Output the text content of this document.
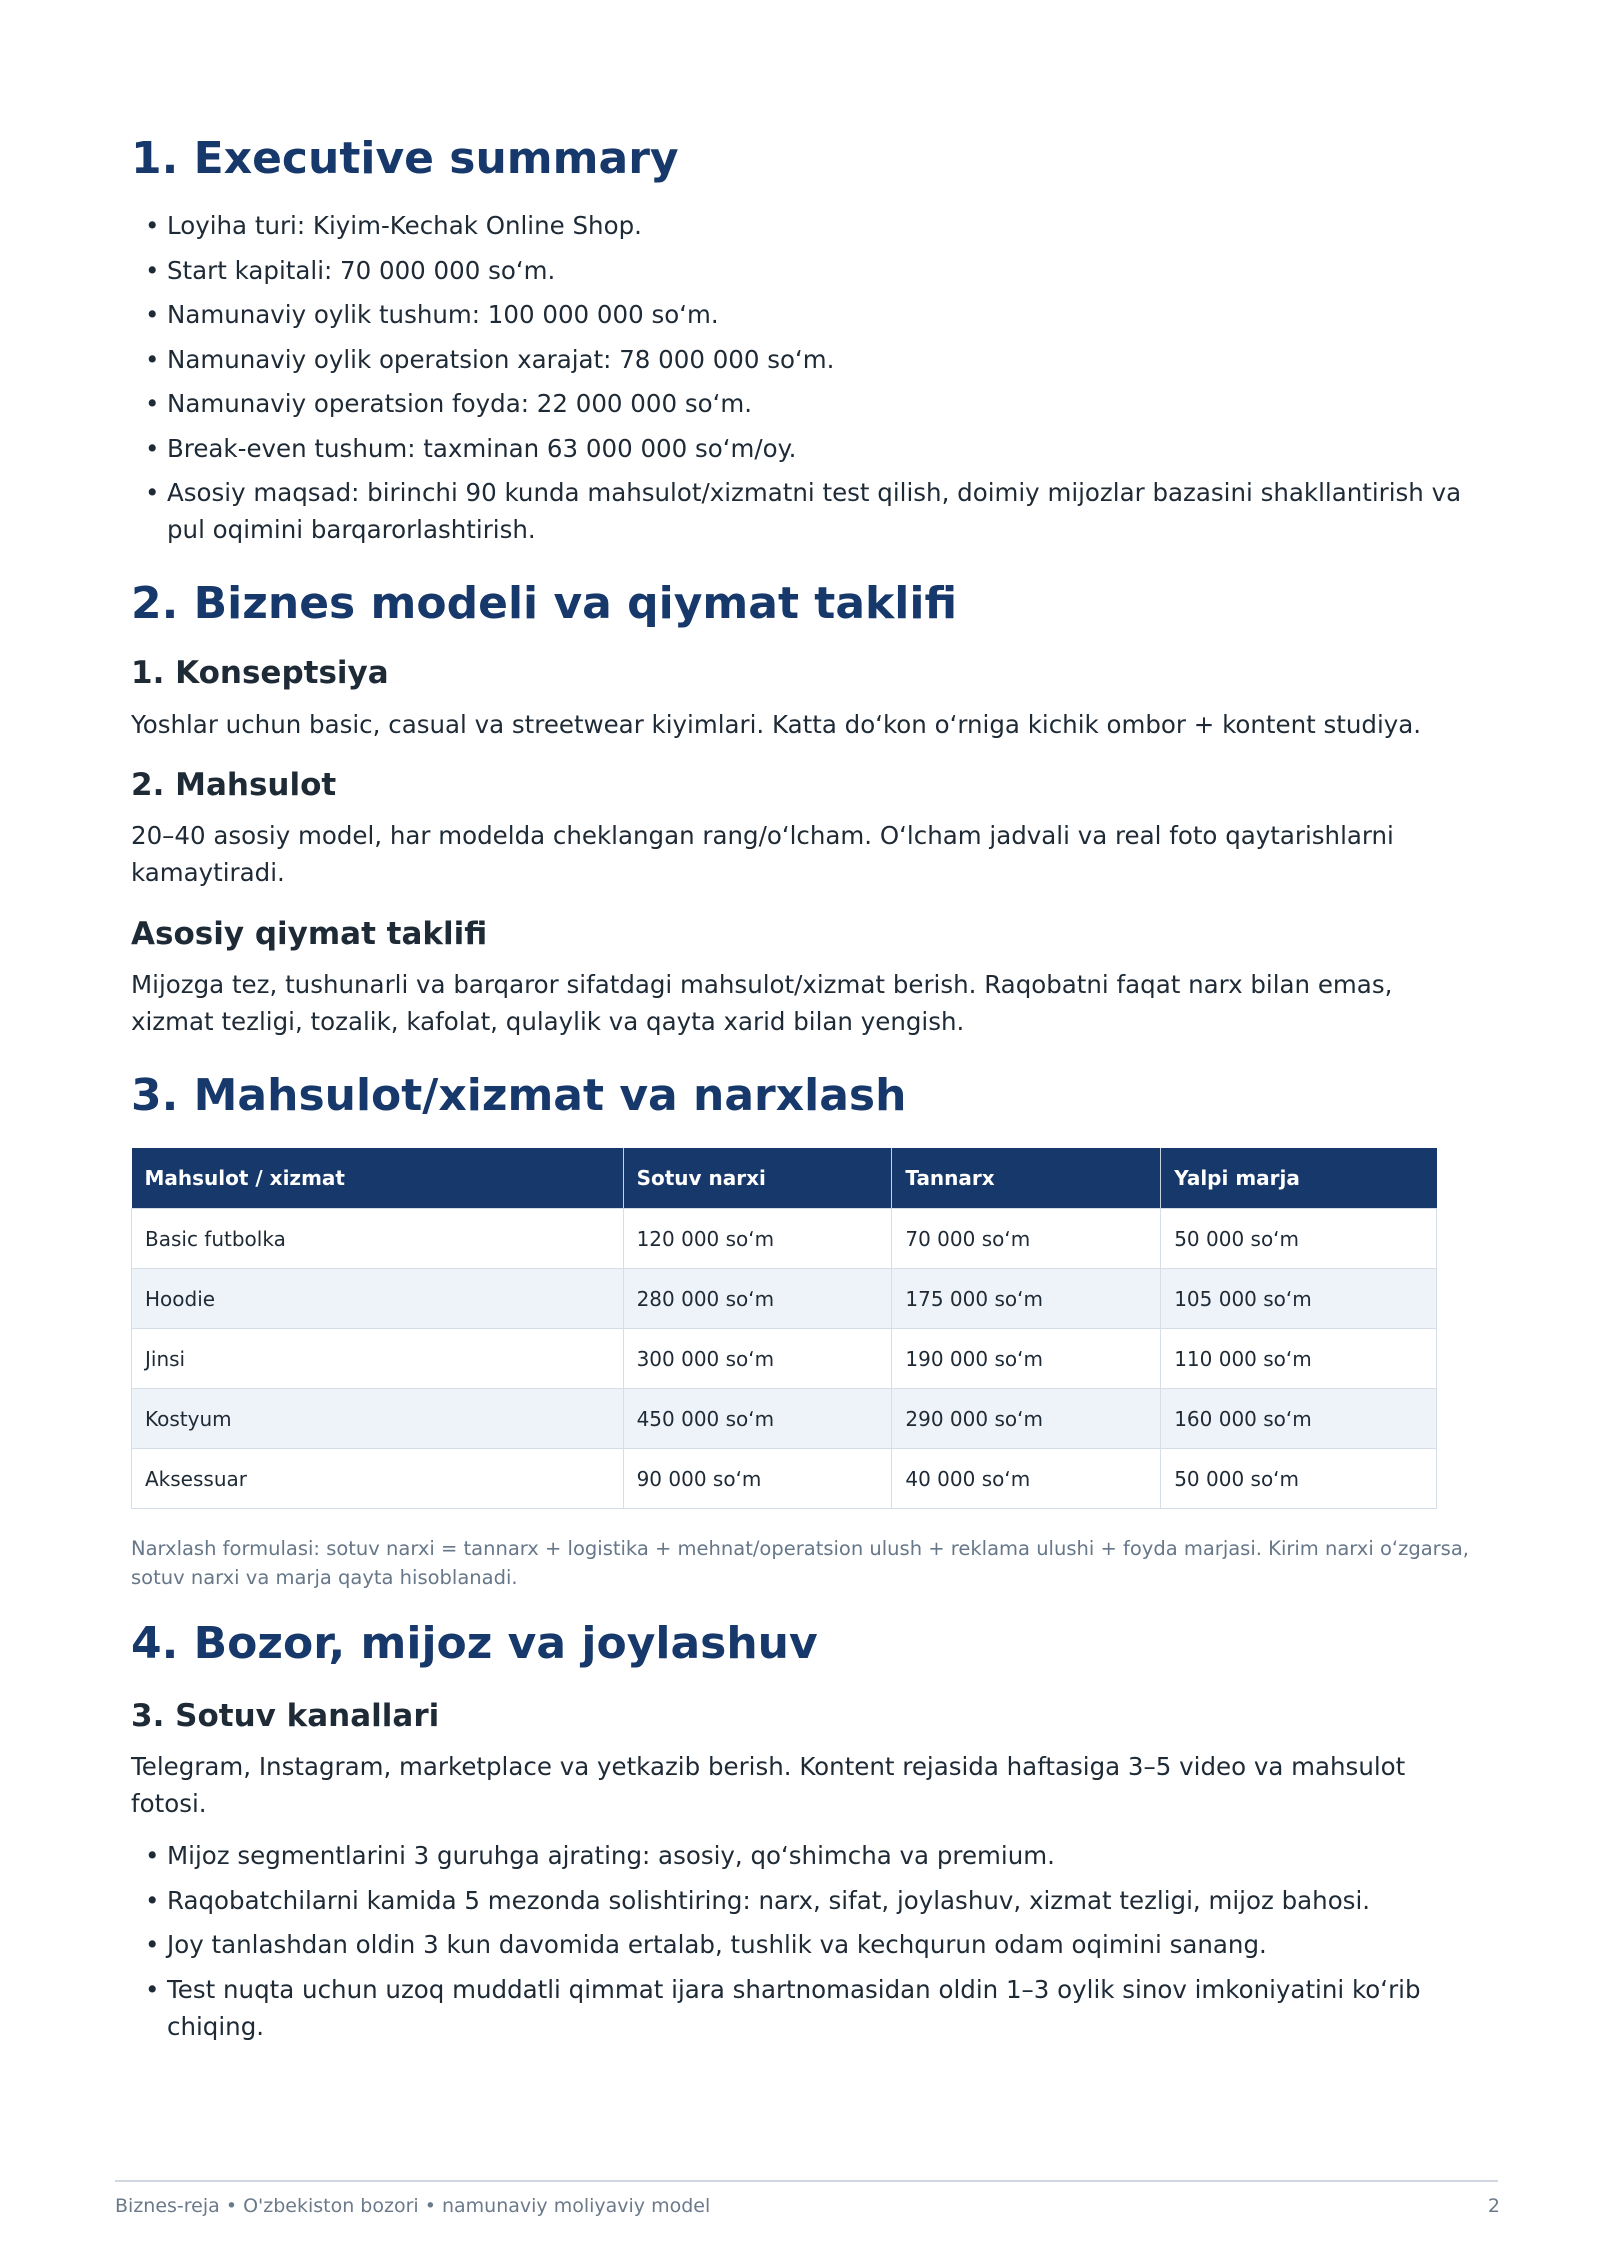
1. Executive summary
• Loyiha turi: Kiyim-Kechak Online Shop.
• Start kapitali: 70 000 000 so‘m.
• Namunaviy oylik tushum: 100 000 000 so‘m.
• Namunaviy oylik operatsion xarajat: 78 000 000 so‘m.
• Namunaviy operatsion foyda: 22 000 000 so‘m.
• Break-even tushum: taxminan 63 000 000 so‘m/oy.
• Asosiy maqsad: birinchi 90 kunda mahsulot/xizmatni test qilish, doimiy mijozlar bazasini shakllantirish va pul oqimini barqarorlashtirish.
2. Biznes modeli va qiymat taklifi
1. Konseptsiya

Yoshlar uchun basic, casual va streetwear kiyimlari. Katta do‘kon o‘rniga kichik ombor + kontent studiya.

2. Mahsulot

20–40 asosiy model, har modelda cheklangan rang/o‘lcham. O‘lcham jadvali va real foto qaytarishlarni kamaytiradi.

Asosiy qiymat taklifi

Mijozga tez, tushunarli va barqaror sifatdagi mahsulot/xizmat berish. Raqobatni faqat narx bilan emas, xizmat tezligi, tozalik, kafolat, qulaylik va qayta xarid bilan yengish.

3. Mahsulot/xizmat va narxlash
Mahsulot / xizmat	Sotuv narxi	Tannarx	Yalpi marja
Basic futbolka	120 000 so‘m	70 000 so‘m	50 000 so‘m
Hoodie	280 000 so‘m	175 000 so‘m	105 000 so‘m
Jinsi	300 000 so‘m	190 000 so‘m	110 000 so‘m
Kostyum	450 000 so‘m	290 000 so‘m	160 000 so‘m
Aksessuar	90 000 so‘m	40 000 so‘m	50 000 so‘m

Narxlash formulasi: sotuv narxi = tannarx + logistika + mehnat/operatsion ulush + reklama ulushi + foyda marjasi. Kirim narxi o‘zgarsa, sotuv narxi va marja qayta hisoblanadi.

4. Bozor, mijoz va joylashuv
3. Sotuv kanallari

Telegram, Instagram, marketplace va yetkazib berish. Kontent rejasida haftasiga 3–5 video va mahsulot fotosi.

• Mijoz segmentlarini 3 guruhga ajrating: asosiy, qo‘shimcha va premium.
• Raqobatchilarni kamida 5 mezonda solishtiring: narx, sifat, joylashuv, xizmat tezligi, mijoz bahosi.
• Joy tanlashdan oldin 3 kun davomida ertalab, tushlik va kechqurun odam oqimini sanang.
• Test nuqta uchun uzoq muddatli qimmat ijara shartnomasidan oldin 1–3 oylik sinov imkoniyatini ko‘rib chiqing.
Biznes-reja • O'zbekiston bozori • namunaviy moliyaviy model	2
